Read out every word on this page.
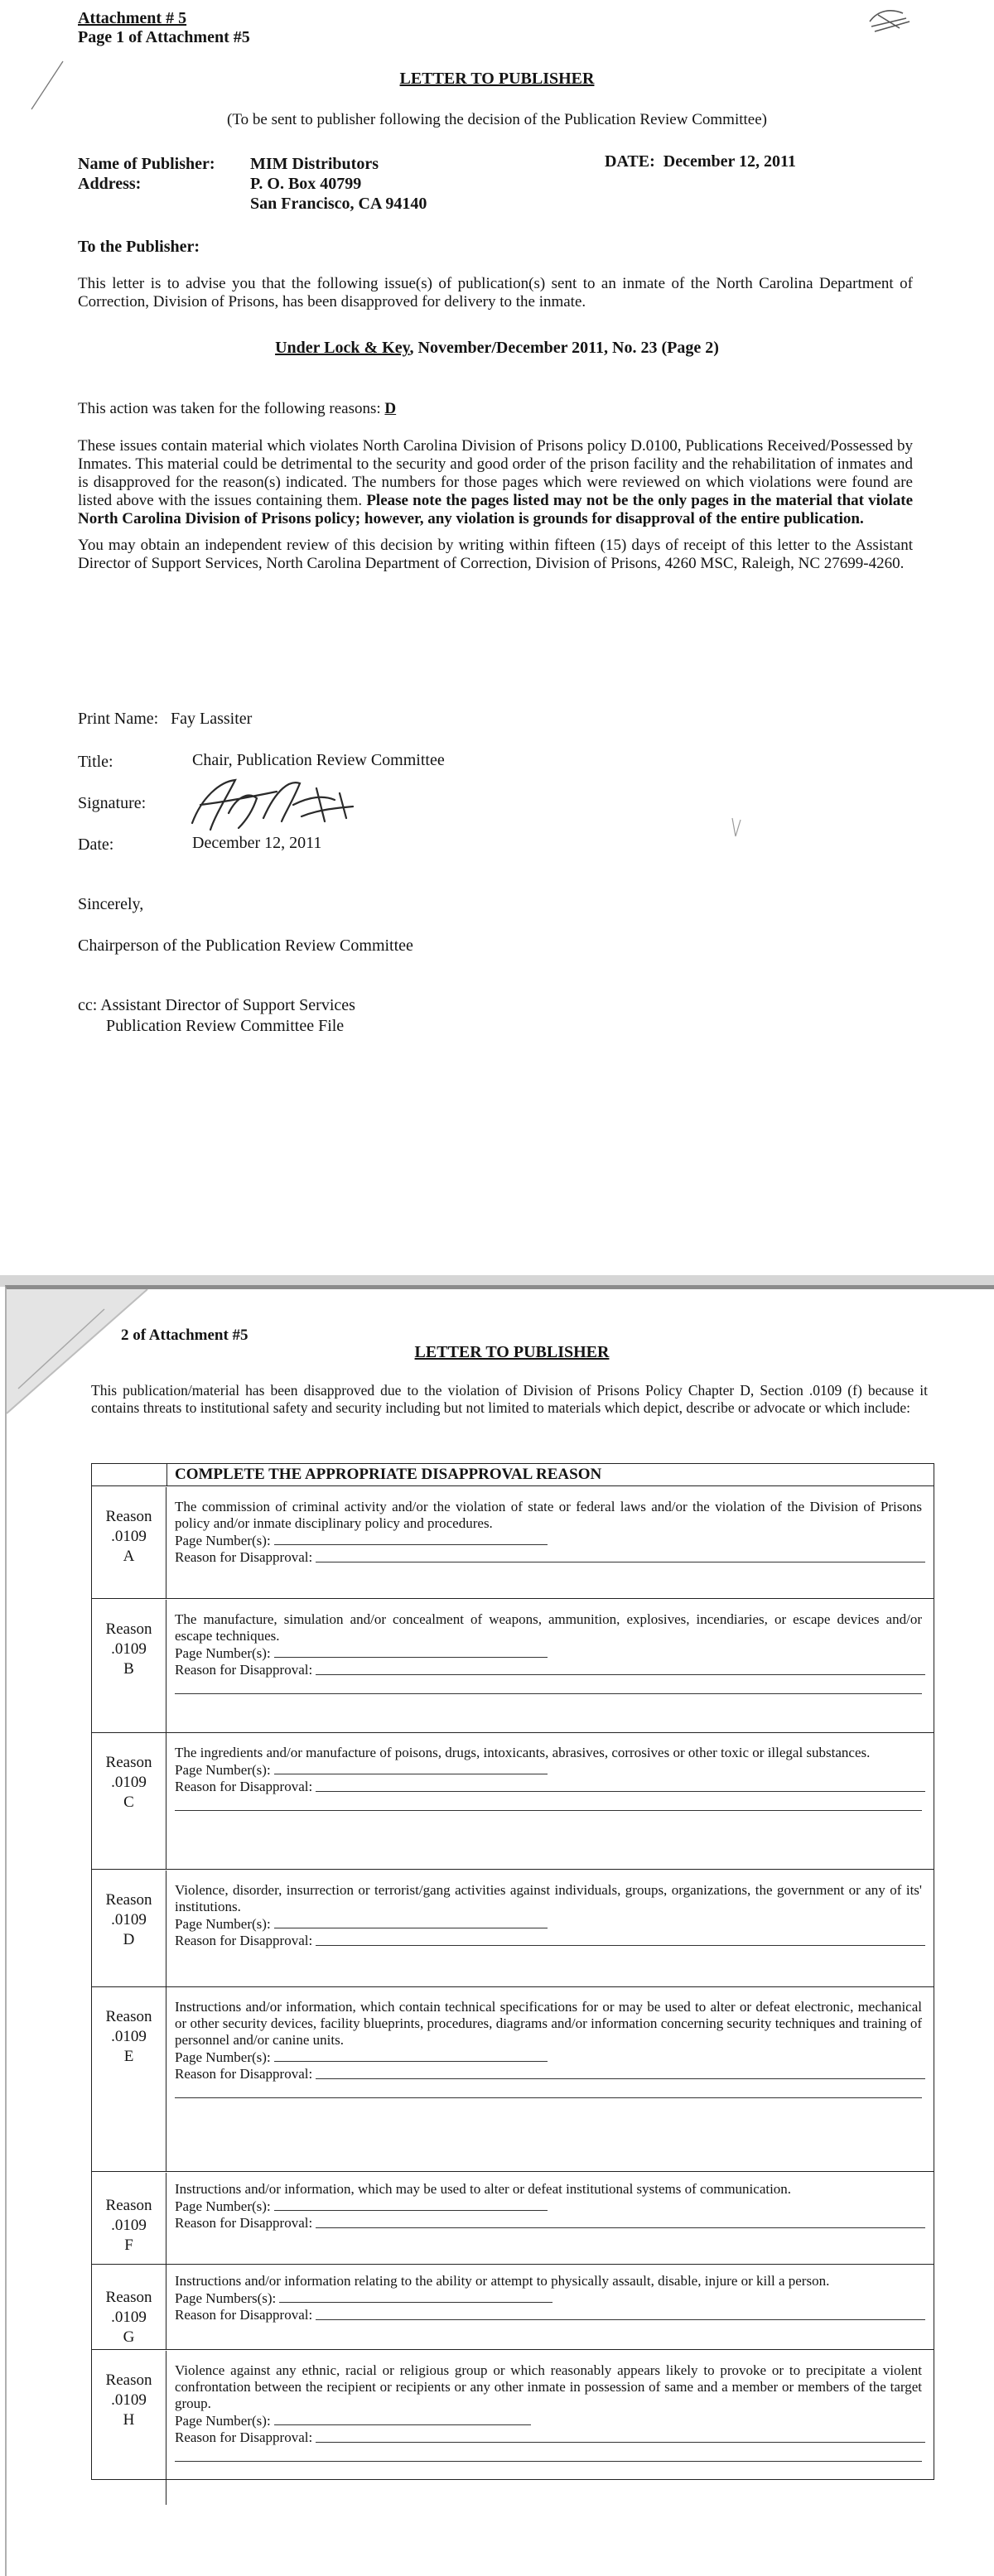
Attachment # 5
Page 1 of Attachment #5
LETTER TO PUBLISHER
(To be sent to publisher following the decision of the Publication Review Committee)
Name of Publisher:
Address:
MIM Distributors
P. O. Box 40799
San Francisco, CA 94140
DATE: December 12, 2011
To the Publisher:
This letter is to advise you that the following issue(s) of publication(s) sent to an inmate of the North Carolina Department of Correction, Division of Prisons, has been disapproved for delivery to the inmate.
Under Lock & Key, November/December 2011, No. 23 (Page 2)
This action was taken for the following reasons: D
These issues contain material which violates North Carolina Division of Prisons policy D.0100, Publications Received/Possessed by Inmates. This material could be detrimental to the security and good order of the prison facility and the rehabilitation of inmates and is disapproved for the reason(s) indicated. The numbers for those pages which were reviewed on which violations were found are listed above with the issues containing them. Please note the pages listed may not be the only pages in the material that violate North Carolina Division of Prisons policy; however, any violation is grounds for disapproval of the entire publication.
You may obtain an independent review of this decision by writing within fifteen (15) days of receipt of this letter to the Assistant Director of Support Services, North Carolina Department of Correction, Division of Prisons, 4260 MSC, Raleigh, NC 27699-4260.
Print Name: Fay Lassiter
Title:	Chair, Publication Review Committee
Signature:
Date:	December 12, 2011
Sincerely,
Chairperson of the Publication Review Committee
cc: Assistant Director of Support Services
Publication Review Committee File
2 of Attachment #5
LETTER TO PUBLISHER
This publication/material has been disapproved due to the violation of Division of Prisons Policy Chapter D, Section .0109 (f) because it contains threats to institutional safety and security including but not limited to materials which depict, describe or advocate or which include:
COMPLETE THE APPROPRIATE DISAPPROVAL REASON
Reason
.0109
A
The commission of criminal activity and/or the violation of state or federal laws and/or the violation of the Division of Prisons policy and/or inmate disciplinary policy and procedures.
Page Number(s):
Reason for Disapproval:
Reason
.0109
B
The manufacture, simulation and/or concealment of weapons, ammunition, explosives, incendiaries, or escape devices and/or escape techniques.
Page Number(s):
Reason for Disapproval:
Reason
.0109
C
The ingredients and/or manufacture of poisons, drugs, intoxicants, abrasives, corrosives or other toxic or illegal substances.
Page Number(s):
Reason for Disapproval:
Reason
.0109
D
Violence, disorder, insurrection or terrorist/gang activities against individuals, groups, organizations, the government or any of its' institutions.
Page Number(s):
Reason for Disapproval:
Reason
.0109
E
Instructions and/or information, which contain technical specifications for or may be used to alter or defeat electronic, mechanical or other security devices, facility blueprints, procedures, diagrams and/or information concerning security techniques and training of personnel and/or canine units.
Page Number(s):
Reason for Disapproval:
Reason
.0109
F
Instructions and/or information, which may be used to alter or defeat institutional systems of communication.
Page Number(s):
Reason for Disapproval:
Reason
.0109
G
Instructions and/or information relating to the ability or attempt to physically assault, disable, injure or kill a person.
Page Numbers(s):
Reason for Disapproval:
Reason
.0109
H
Violence against any ethnic, racial or religious group or which reasonably appears likely to provoke or to precipitate a violent confrontation between the recipient or recipients or any other inmate in possession of same and a member or members of the target group.
Page Number(s):
Reason for Disapproval:
